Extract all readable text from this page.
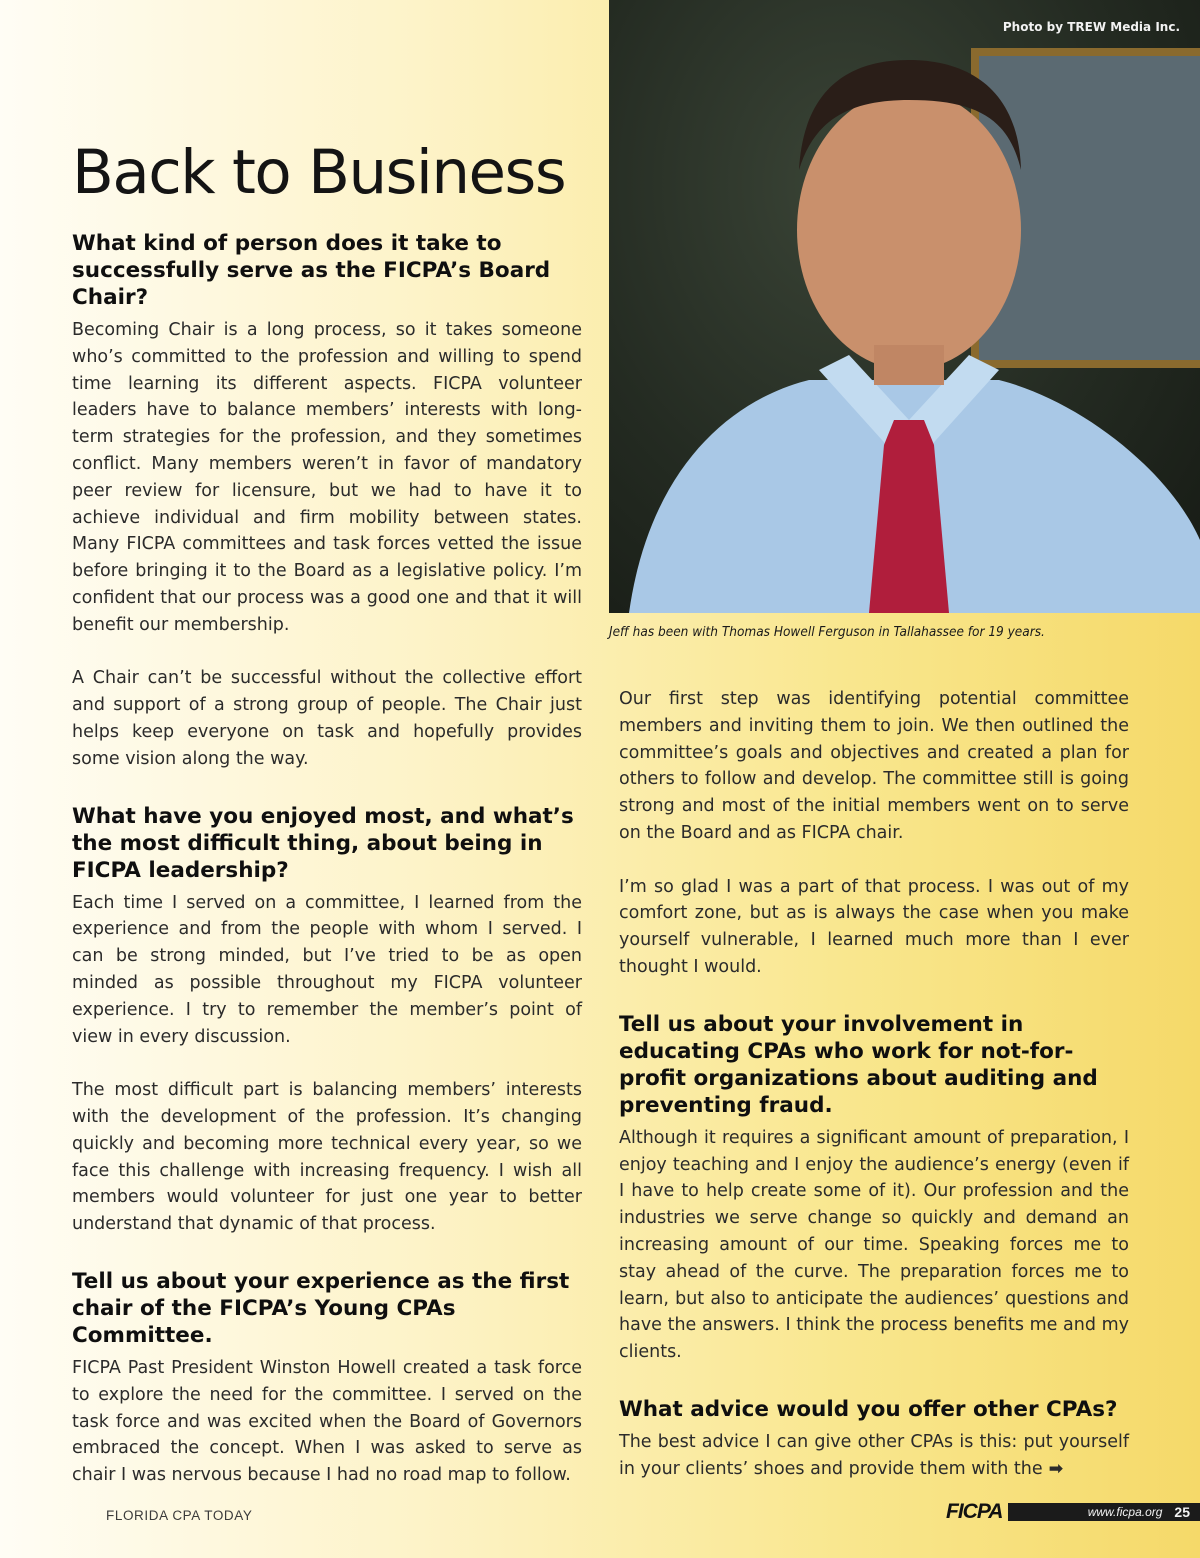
Back to Business
What kind of person does it take to successfully serve as the FICPA’s Board Chair?

Becoming Chair is a long process, so it takes someone who’s committed to the profession and willing to spend time learning its different aspects. FICPA volunteer leaders have to balance members’ interests with long-term strategies for the profession, and they sometimes conflict. Many members weren’t in favor of mandatory peer review for licensure, but we had to have it to achieve individual and firm mobility between states. Many FICPA committees and task forces vetted the issue before bringing it to the Board as a legislative policy. I’m confident that our process was a good one and that it will benefit our membership.

A Chair can’t be successful without the collective effort and support of a strong group of people. The Chair just helps keep everyone on task and hopefully provides some vision along the way.

What have you enjoyed most, and what’s the most difficult thing, about being in FICPA leadership?

Each time I served on a committee, I learned from the experience and from the people with whom I served. I can be strong minded, but I’ve tried to be as open minded as possible throughout my FICPA volunteer experience. I try to remember the member’s point of view in every discussion.

The most difficult part is balancing members’ interests with the development of the profession. It’s changing quickly and becoming more technical every year, so we face this challenge with increasing frequency. I wish all members would volunteer for just one year to better understand that dynamic of that process.

Tell us about your experience as the first chair of the FICPA’s Young CPAs Committee.

FICPA Past President Winston Howell created a task force to explore the need for the committee. I served on the task force and was excited when the Board of Governors embraced the concept. When I was asked to serve as chair I was nervous because I had no road map to follow.

Photo by TREW Media Inc.
Jeff has been with Thomas Howell Ferguson in Tallahassee for 19 years.

Our first step was identifying potential committee members and inviting them to join. We then outlined the committee’s goals and objectives and created a plan for others to follow and develop. The committee still is going strong and most of the initial members went on to serve on the Board and as FICPA chair.

I’m so glad I was a part of that process. I was out of my comfort zone, but as is always the case when you make yourself vulnerable, I learned much more than I ever thought I would.

Tell us about your involvement in educating CPAs who work for not-for-profit organizations about auditing and preventing fraud.

Although it requires a significant amount of preparation, I enjoy teaching and I enjoy the audience’s energy (even if I have to help create some of it). Our profession and the industries we serve change so quickly and demand an increasing amount of our time. Speaking forces me to stay ahead of the curve. The preparation forces me to learn, but also to anticipate the audiences’ questions and have the answers. I think the process benefits me and my clients.

What advice would you offer other CPAs?

The best advice I can give other CPAs is this: put yourself in your clients’ shoes and provide them with the ➡

FLORIDA CPA TODAY	FICPA	www.ficpa.org 25
